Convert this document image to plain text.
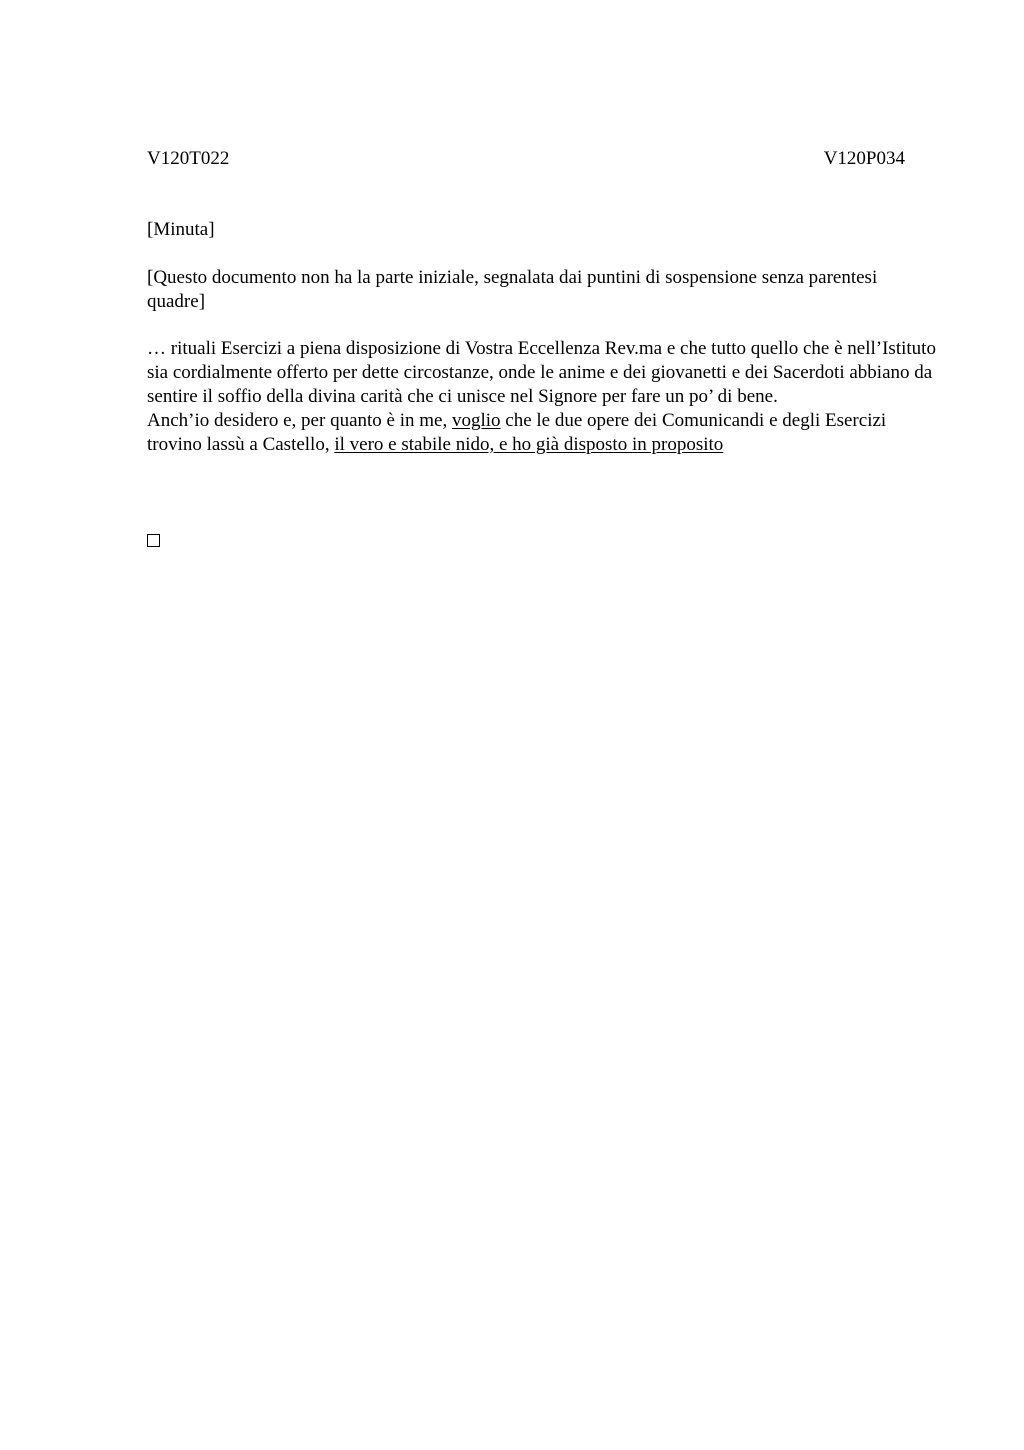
V120T022	V120P034

[Minuta]

[Questo documento non ha la parte iniziale, segnalata dai puntini di sospensione senza parentesi quadre]

… rituali Esercizi a piena disposizione di Vostra Eccellenza Rev.ma e che tutto quello che è nell’Istituto sia cordialmente offerto per dette circostanze, onde le anime e dei giovanetti e dei Sacerdoti abbiano da sentire il soffio della divina carità che ci unisce nel Signore per fare un po’ di bene.

Anch’io desidero e, per quanto è in me, voglio che le due opere dei Comunicandi e degli Esercizi trovino lassù a Castello, il vero e stabile nido, e ho già disposto in proposito
